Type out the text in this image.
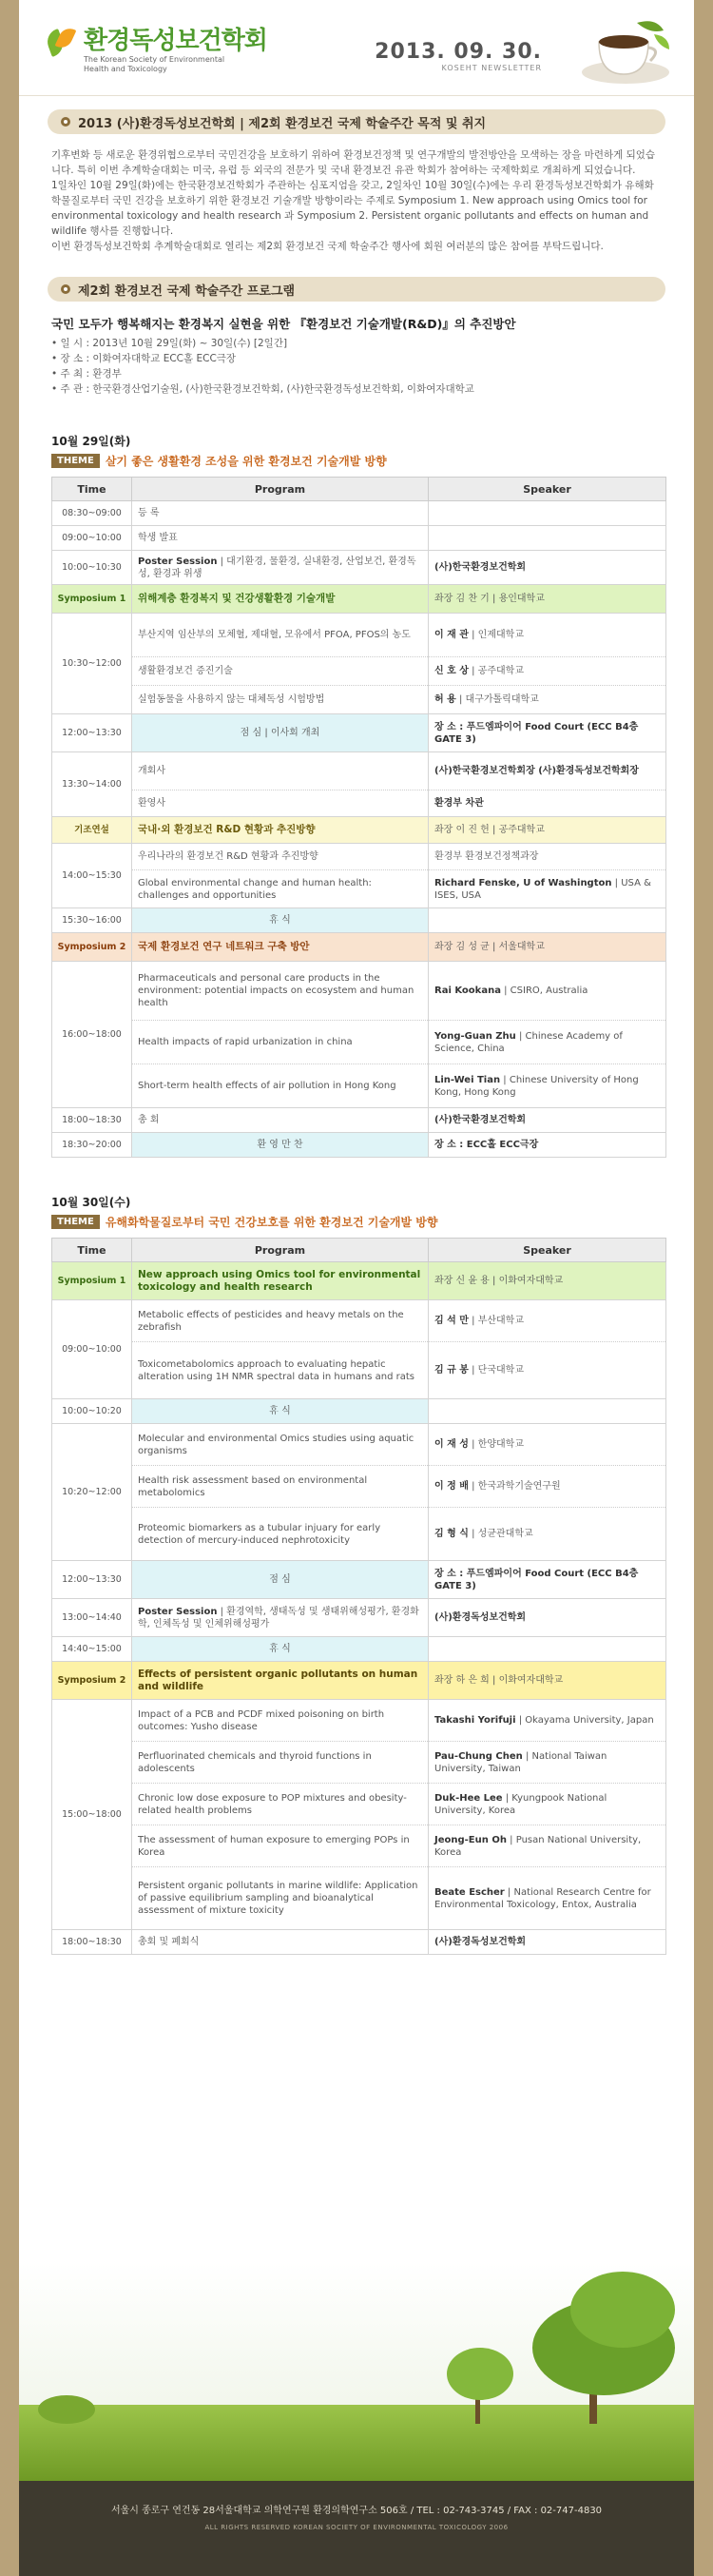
환경독성보건학회
The Korean Society of Environmental
Health and Toxicology
2013. 09. 30.
KOSEHT NEWSLETTER
2013 (사)환경독성보건학회 | 제2회 환경보건 국제 학술주간 목적 및 취지
기후변화 등 새로운 환경위협으로부터 국민건강을 보호하기 위하여 환경보건정책 및 연구개발의 발전방안을 모색하는 장을 마련하게 되었습니다. 특히 이번 추계학술대회는 미국, 유럽 등 외국의 전문가 및 국내 환경보건 유관 학회가 참여하는 국제학회로 개최하게 되었습니다.
1일차인 10월 29일(화)에는 한국환경보건학회가 주관하는 심포지엄을 갖고, 2일차인 10월 30일(수)에는 우리 환경독성보건학회가 유해화학물질로부터 국민 건강을 보호하기 위한 환경보건 기술개발 방향이라는 주제로 Symposium 1. New approach using Omics tool for environmental toxicology and health research 과 Symposium 2. Persistent organic pollutants and effects on human and wildlife 행사를 진행합니다.
이번 환경독성보건학회 추계학술대회로 열리는 제2회 환경보건 국제 학술주간 행사에 회원 여러분의 많은 참여를 부탁드립니다.
제2회 환경보건 국제 학술주간 프로그램
국민 모두가 행복해지는 환경복지 실현을 위한 『환경보건 기술개발(R&D)』의 추진방안
• 일 시 : 2013년 10월 29일(화) ~ 30일(수) [2일간]
• 장 소 : 이화여자대학교 ECC홀 ECC극장
• 주 최 : 환경부
• 주 관 : 한국환경산업기술원, (사)한국환경보건학회, (사)한국환경독성보건학회, 이화여자대학교
10월 29일(화)
THEME	살기 좋은 생활환경 조성을 위한 환경보건 기술개발 방향
Time	Program	Speaker
08:30~09:00	등 록	
09:00~10:00	학생 발표	
10:00~10:30	Poster Session | 대기환경, 물환경, 실내환경, 산업보건, 환경독성, 환경과 위생	(사)한국환경보건학회
Symposium 1	위해계층 환경복지 및 건강생활환경 기술개발	좌장 김 찬 기 | 용인대학교
10:30~12:00	부산지역 임산부의 모체혈, 제대혈, 모유에서 PFOA, PFOS의 농도	이 재 관 | 인제대학교
	생활환경보건 증진기술	신 호 상 | 공주대학교
	실험동물을 사용하지 않는 대체독성 시험방법	허 용 | 대구가톨릭대학교
12:00~13:30	점 심 | 이사회 개최	장 소 : 푸드엠파이어 Food Court (ECC B4층 GATE 3)
13:30~14:00	개회사	(사)한국환경보건학회장 (사)환경독성보건학회장
	환영사	환경부 차관
기조연설	국내·외 환경보건 R&D 현황과 추진방향	좌장 이 진 헌 | 공주대학교
14:00~15:30	우리나라의 환경보건 R&D 현황과 추진방향	환경부 환경보건정책과장
	Global environmental change and human health: challenges and opportunities	Richard Fenske, U of Washington | USA & ISES, USA
15:30~16:00	휴 식	
Symposium 2	국제 환경보건 연구 네트워크 구축 방안	좌장 김 성 균 | 서울대학교
16:00~18:00	Pharmaceuticals and personal care products in the environment: potential impacts on ecosystem and human health	Rai Kookana | CSIRO, Australia
	Health impacts of rapid urbanization in china	Yong-Guan Zhu | Chinese Academy of Science, China
	Short-term health effects of air pollution in Hong Kong	Lin-Wei Tian | Chinese University of Hong Kong, Hong Kong
18:00~18:30	총 회	(사)한국환경보건학회
18:30~20:00	환 영 만 찬	장 소 : ECC홀 ECC극장
10월 30일(수)
THEME	유해화학물질로부터 국민 건강보호를 위한 환경보건 기술개발 방향
Time	Program	Speaker
Symposium 1	New approach using Omics tool for environmental toxicology and health research	좌장 신 윤 용 | 이화여자대학교
09:00~10:00	Metabolic effects of pesticides and heavy metals on the zebrafish	김 석 만 | 부산대학교
	Toxicometabolomics approach to evaluating hepatic alteration using 1H NMR spectral data in humans and rats	김 규 봉 | 단국대학교
10:00~10:20	휴 식	
10:20~12:00	Molecular and environmental Omics studies using aquatic organisms	이 재 성 | 한양대학교
	Health risk assessment based on environmental metabolomics	이 정 배 | 한국과학기술연구원
	Proteomic biomarkers as a tubular injuary for early detection of mercury-induced nephrotoxicity	김 형 식 | 성균관대학교
12:00~13:30	점 심	장 소 : 푸드엠파이어 Food Court (ECC B4층 GATE 3)
13:00~14:40	Poster Session | 환경역학, 생태독성 및 생태위해성평가, 환경화학, 인체독성 및 인체위해성평가	(사)환경독성보건학회
14:40~15:00	휴 식	
Symposium 2	Effects of persistent organic pollutants on human and wildlife	좌장 하 은 희 | 이화여자대학교
15:00~18:00	Impact of a PCB and PCDF mixed poisoning on birth outcomes: Yusho disease	Takashi Yorifuji | Okayama University, Japan
	Perfluorinated chemicals and thyroid functions in adolescents	Pau-Chung Chen | National Taiwan University, Taiwan
	Chronic low dose exposure to POP mixtures and obesity-related health problems	Duk-Hee Lee | Kyungpook National University, Korea
	The assessment of human exposure to emerging POPs in Korea	Jeong-Eun Oh | Pusan National University, Korea
	Persistent organic pollutants in marine wildlife: Application of passive equilibrium sampling and bioanalytical assessment of mixture toxicity	Beate Escher | National Research Centre for Environmental Toxicology, Entox, Australia
18:00~18:30	총회 및 폐회식	(사)환경독성보건학회
서울시 종로구 연건동 28서울대학교 의학연구원 환경의학연구소 506호 / TEL : 02-743-3745 / FAX : 02-747-4830
ALL RIGHTS RESERVED KOREAN SOCIETY OF ENVIRONMENTAL TOXICOLOGY 2006
